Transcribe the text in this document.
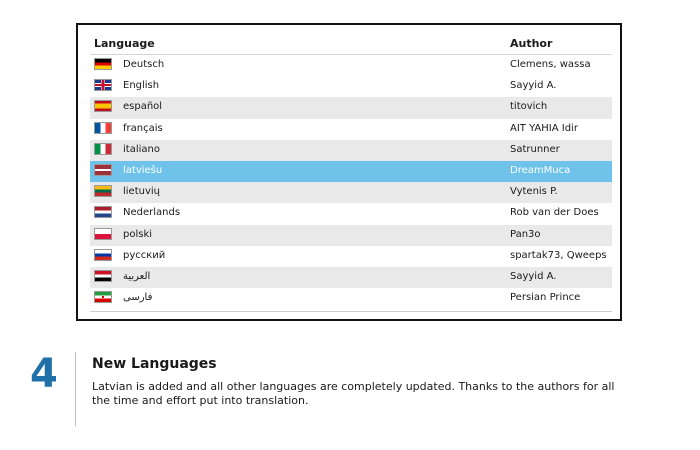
Language	Author
Deutsch	Clemens, wassa
English	Sayyid A.
español	titovich
français	AIT YAHIA Idir
italiano	Satrunner
latviešu	DreamMuca
lietuvių	Vytenis P.
Nederlands	Rob van der Does
polski	Pan3o
русский	spartak73, Qweeps
العربية	Sayyid A.
فارسی	Persian Prince
4 New Languages
Latvian is added and all other languages are completely updated. Thanks to the authors for all the time and effort put into translation.
